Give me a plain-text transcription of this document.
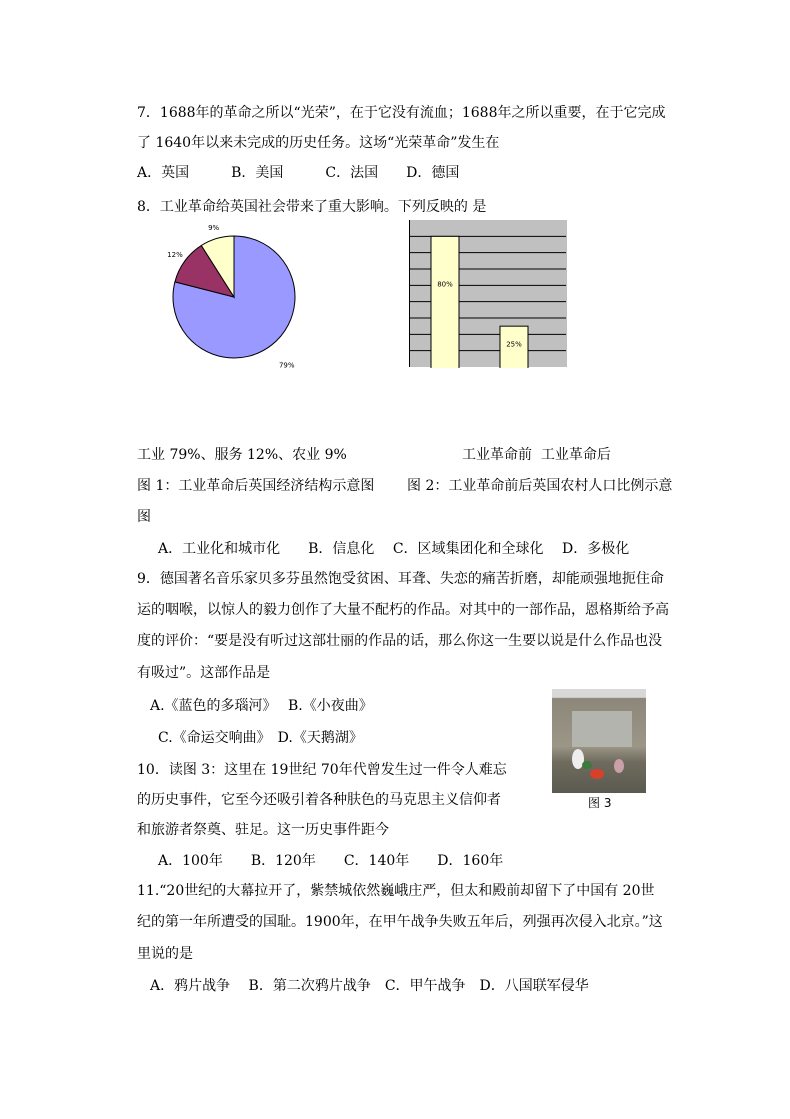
7．1688年的革命之所以“光荣”，在于它没有流血；1688年之所以重要，在于它完成
了 1640年以来未完成的历史任务。这场“光荣革命”发生在
A．英国　　　B．美国　　　C．法国　　D．德国
8．工业革命给英国社会带来了重大影响。下列反映的 是
79%
12%
9%
80%
25%
工业 79%、服务 12%、农业 9%	工业革命前  工业革命后
图 1：工业革命后英国经济结构示意图 图 2：工业革命前后英国农村人口比例示意
图
A．工业化和城市化　　B．信息化　 C．区域集团化和全球化　 D．多极化
9．德国著名音乐家贝多芬虽然饱受贫困、耳聋、失恋的痛苦折磨，却能顽强地扼住命
运的咽喉，以惊人的毅力创作了大量不配朽的作品。对其中的一部作品，恩格斯给予高
度的评价：“要是没有听过这部壮丽的作品的话，那么你这一生要以说是什么作品也没
有吸过”。这部作品是
A.《蓝色的多瑙河》　 B.《小夜曲》
C.《命运交响曲》　D.《天鹅湖》
图 3
10．读图 3：这里在 19世纪 70年代曾发生过一件令人难忘
的历史事件，它至今还吸引着各种肤色的马克思主义信仰者
和旅游者祭奠、驻足。这一历史事件距今
A．100年　　B．120年　　C．140年　　D．160年
11.“20世纪的大幕拉开了，紫禁城依然巍峨庄严，但太和殿前却留下了中国有 20世
纪的第一年所遭受的国耻。1900年，在甲午战争失败五年后，列强再次侵入北京。”这
里说的是
A．鸦片战争　 B．第二次鸦片战争　C．甲午战争　D．八国联军侵华
